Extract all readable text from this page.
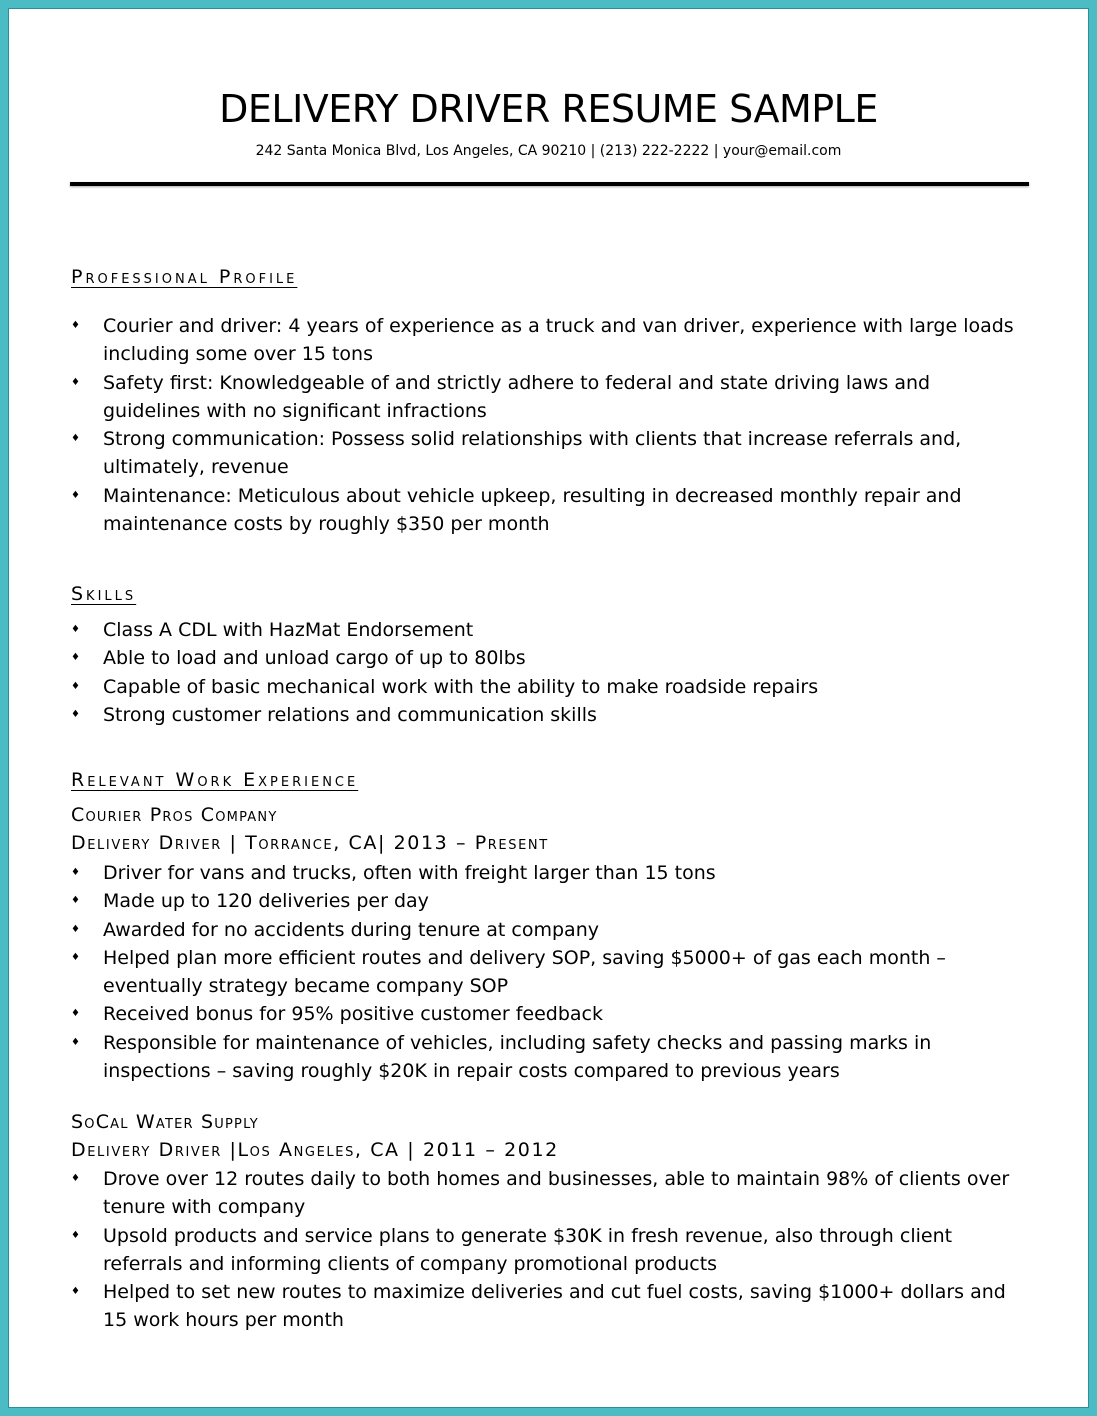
DELIVERY DRIVER RESUME SAMPLE
242 Santa Monica Blvd, Los Angeles, CA 90210 | (213) 222-2222 | your@email.com
Professional Profile
♦ Courier and driver: 4 years of experience as a truck and van driver, experience with large loads including some over 15 tons
♦ Safety first: Knowledgeable of and strictly adhere to federal and state driving laws and guidelines with no significant infractions
♦ Strong communication: Possess solid relationships with clients that increase referrals and, ultimately, revenue
♦ Maintenance: Meticulous about vehicle upkeep, resulting in decreased monthly repair and maintenance costs by roughly $350 per month
Skills
♦ Class A CDL with HazMat Endorsement
♦ Able to load and unload cargo of up to 80lbs
♦ Capable of basic mechanical work with the ability to make roadside repairs
♦ Strong customer relations and communication skills
Relevant Work Experience
Courier Pros Company
Delivery Driver | Torrance, CA| 2013 – Present
♦ Driver for vans and trucks, often with freight larger than 15 tons
♦ Made up to 120 deliveries per day
♦ Awarded for no accidents during tenure at company
♦ Helped plan more efficient routes and delivery SOP, saving $5000+ of gas each month – eventually strategy became company SOP
♦ Received bonus for 95% positive customer feedback
♦ Responsible for maintenance of vehicles, including safety checks and passing marks in inspections – saving roughly $20K in repair costs compared to previous years
SoCal Water Supply
Delivery Driver |Los Angeles, CA | 2011 – 2012
♦ Drove over 12 routes daily to both homes and businesses, able to maintain 98% of clients over tenure with company
♦ Upsold products and service plans to generate $30K in fresh revenue, also through client referrals and informing clients of company promotional products
♦ Helped to set new routes to maximize deliveries and cut fuel costs, saving $1000+ dollars and 15 work hours per month
